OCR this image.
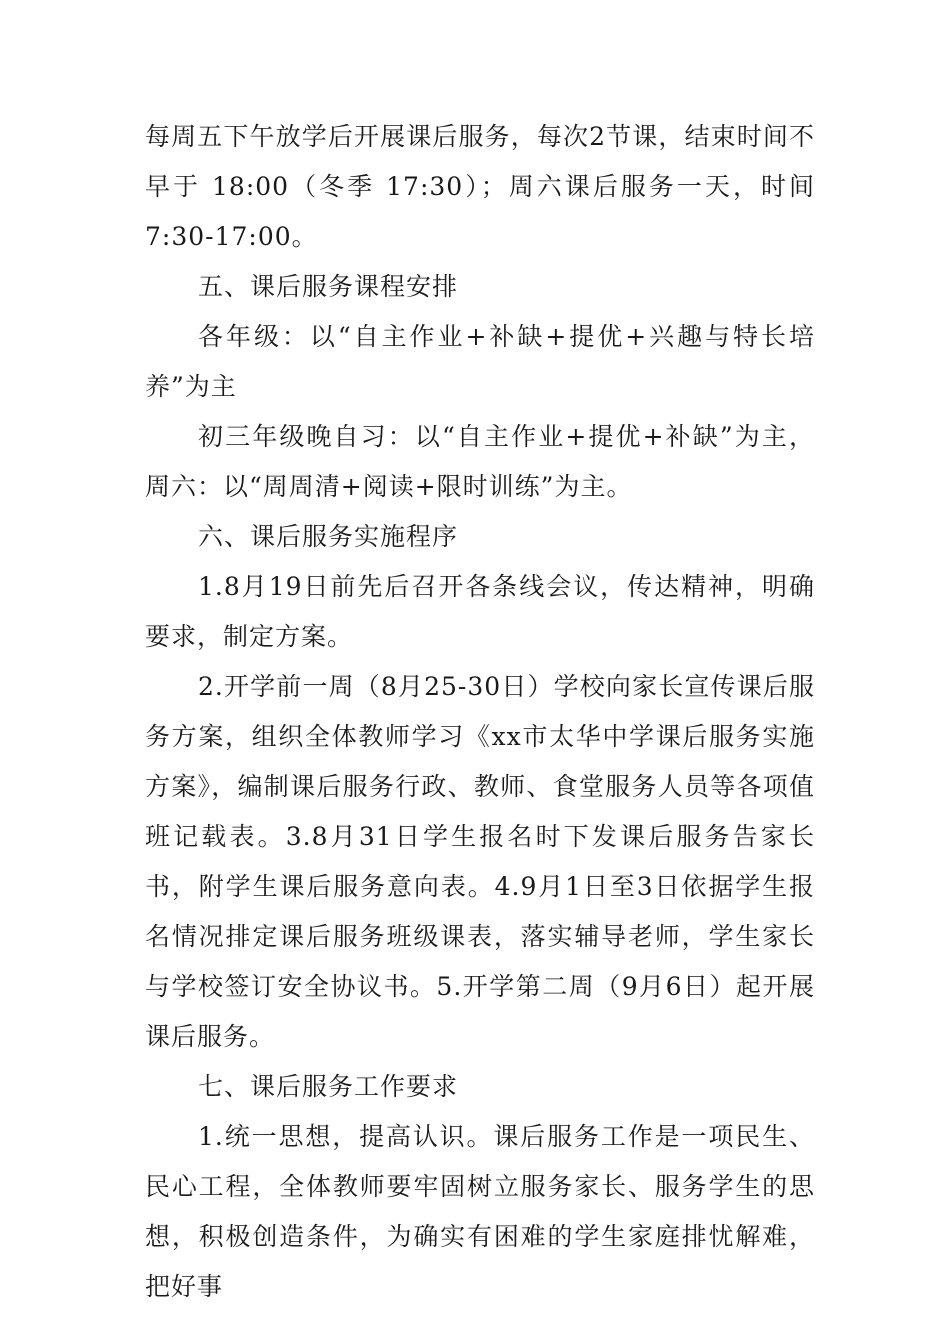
每周五下午放学后开展课后服务，每次2节课，结束时间不早于 18:00（冬季 17:30）；周六课后服务一天，时间7:30-17:00。

五、课后服务课程安排

各年级：以“自主作业+补缺+提优+兴趣与特长培养”为主

初三年级晚自习：以“自主作业+提优+补缺”为主，周六：以“周周清+阅读+限时训练”为主。

六、课后服务实施程序

1.8月19日前先后召开各条线会议，传达精神，明确要求，制定方案。

2.开学前一周（8月25-30日）学校向家长宣传课后服务方案，组织全体教师学习《xx市太华中学课后服务实施方案》，编制课后服务行政、教师、食堂服务人员等各项值班记载表。3.8月31日学生报名时下发课后服务告家长书，附学生课后服务意向表。4.9月1日至3日依据学生报名情况排定课后服务班级课表，落实辅导老师，学生家长与学校签订安全协议书。5.开学第二周（9月6日）起开展课后服务。

七、课后服务工作要求

1.统一思想，提高认识。课后服务工作是一项民生、民心工程，全体教师要牢固树立服务家长、服务学生的思想，积极创造条件，为确实有困难的学生家庭排忧解难，把好事
